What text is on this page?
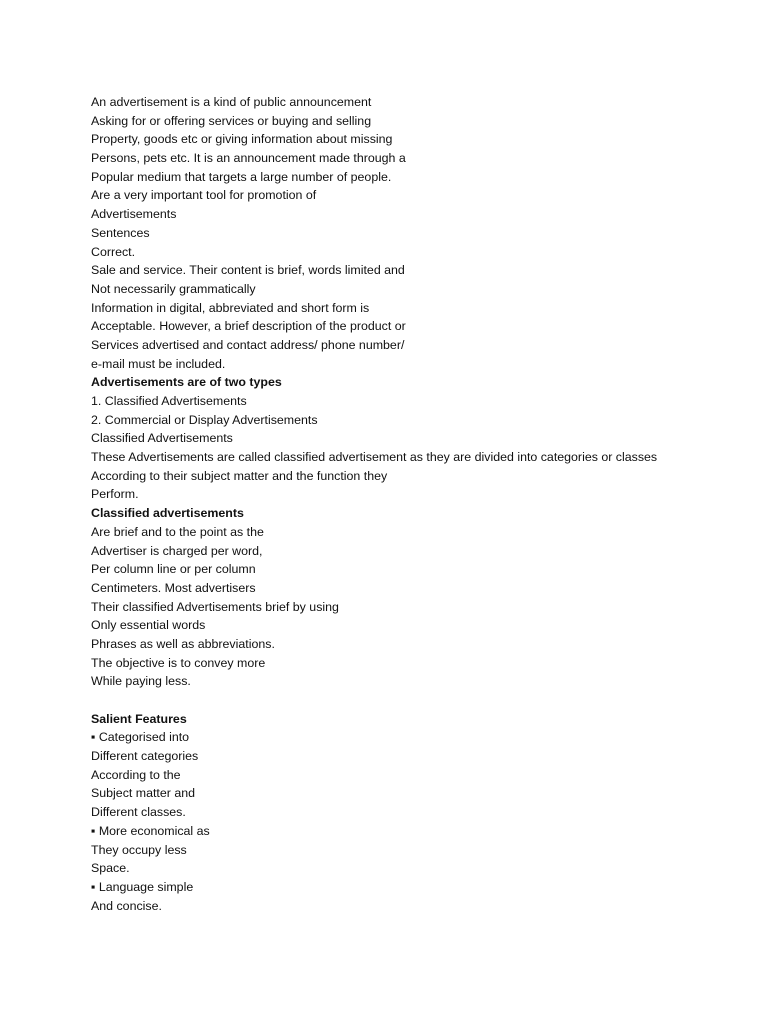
An advertisement is a kind of public announcement
Asking for or offering services or buying and selling
Property, goods etc or giving information about missing
Persons, pets etc. It is an announcement made through a
Popular medium that targets a large number of people.
Are a very important tool for promotion of
Advertisements
Sentences
Correct.
Sale and service. Their content is brief, words limited and
Not necessarily grammatically
Information in digital, abbreviated and short form is
Acceptable. However, a brief description of the product or
Services advertised and contact address/ phone number/
e-mail must be included.
Advertisements are of two types
1. Classified Advertisements
2. Commercial or Display Advertisements
Classified Advertisements
These Advertisements are called classified advertisement as they are divided into categories or classes
According to their subject matter and the function they
Perform.
Classified advertisements
Are brief and to the point as the
Advertiser is charged per word,
Per column line or per column
Centimeters. Most advertisers
Their classified Advertisements brief by using
Only essential words
Phrases as well as abbreviations.
The objective is to convey more
While paying less.
Salient Features
▪ Categorised into
Different categories
According to the
Subject matter and
Different classes.
▪ More economical as
They occupy less
Space.
▪ Language simple
And concise.
